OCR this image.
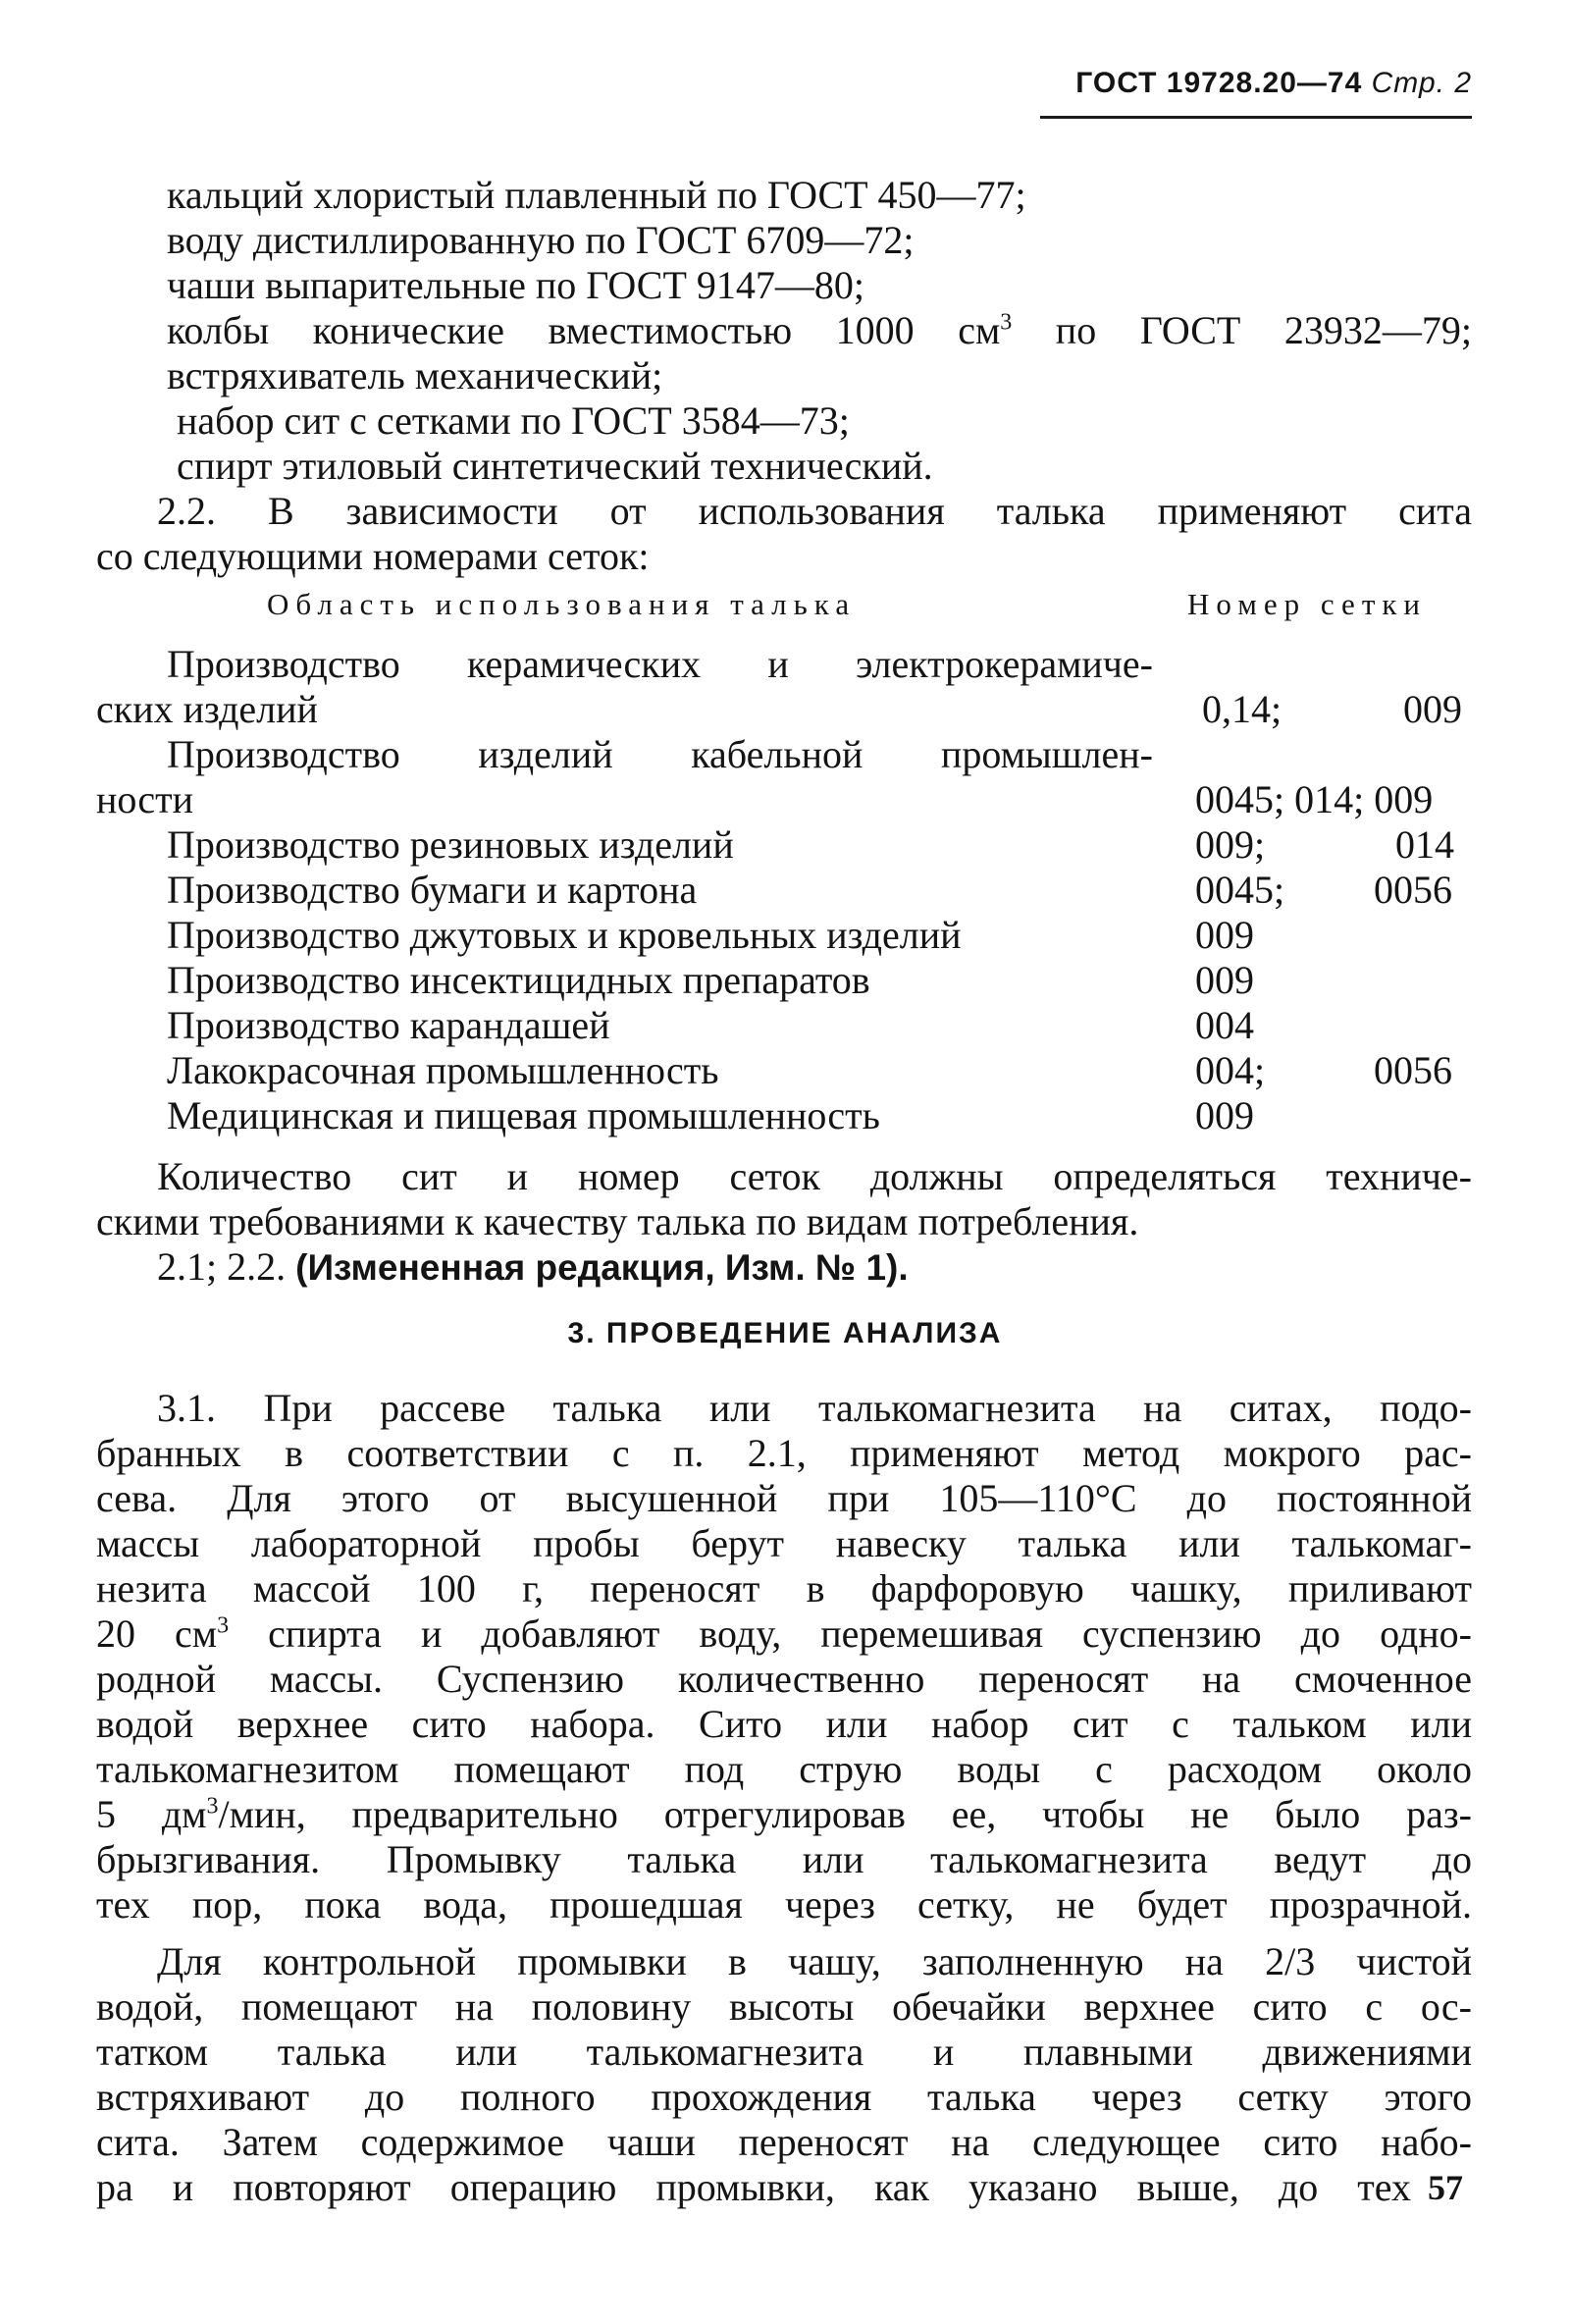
ГОСТ 19728.20—74 Стр. 2
кальций хлористый плавленный по ГОСТ 450—77;
воду дистиллированную по ГОСТ 6709—72;
чаши выпарительные по ГОСТ 9147—80;
колбы конические вместимостью 1000 $см^3$ по ГОСТ 23932—79;
встряхиватель механический;
набор сит с сетками по ГОСТ 3584—73;
спирт этиловый синтетический технический.
2.2. В зависимости от использования талька применяют сита
со следующими номерами сеток:
Область использования талька	Номер сетки
Производство керамических и электрокерамиче-
ских изделий	0,14;	009
Производство изделий кабельной промышлен-
ности	0045; 014; 009
Производство резиновых изделий	009;	014
Производство бумаги и картона	0045; 0056
Производство джутовых и кровельных изделий	009
Производство инсектицидных препаратов	009
Производство карандашей	004
Лакокрасочная промышленность	004;	0056
Медицинская и пищевая промышленность	009
Количество сит и номер сеток должны определяться техниче-
скими требованиями к качеству талька по видам потребления.
2.1; 2.2. (Измененная редакция, Изм. № 1).
3. ПРОВЕДЕНИЕ АНАЛИЗА
3.1. При рассеве талька или талькомагнезита на ситах, подо-
бранных в соответствии с п. 2.1, применяют метод мокрого рас-
сева. Для этого от высушенной при 105—110°С до постоянной
массы лабораторной пробы берут навеску талька или талькомаг-
незита массой 100 г, переносят в фарфоровую чашку, приливают
20 $см^3$ спирта и добавляют воду, перемешивая суспензию до одно-
родной массы. Суспензию количественно переносят на смоченное
водой верхнее сито набора. Сито или набор сит с тальком или
талькомагнезитом помещают под струю воды с расходом около
5 $дм^3$/мин, предварительно отрегулировав ее, чтобы не было раз-
брызгивания. Промывку талька или талькомагнезита ведут до
тех пор, пока вода, прошедшая через сетку, не будет прозрачной.
Для контрольной промывки в чашу, заполненную на 2/3 чистой
водой, помещают на половину высоты обечайки верхнее сито с ос-
татком талька или талькомагнезита и плавными движениями
встряхивают до полного прохождения талька через сетку этого
сита. Затем содержимое чаши переносят на следующее сито набо-
ра и повторяют операцию промывки, как указано выше, до тех 57
